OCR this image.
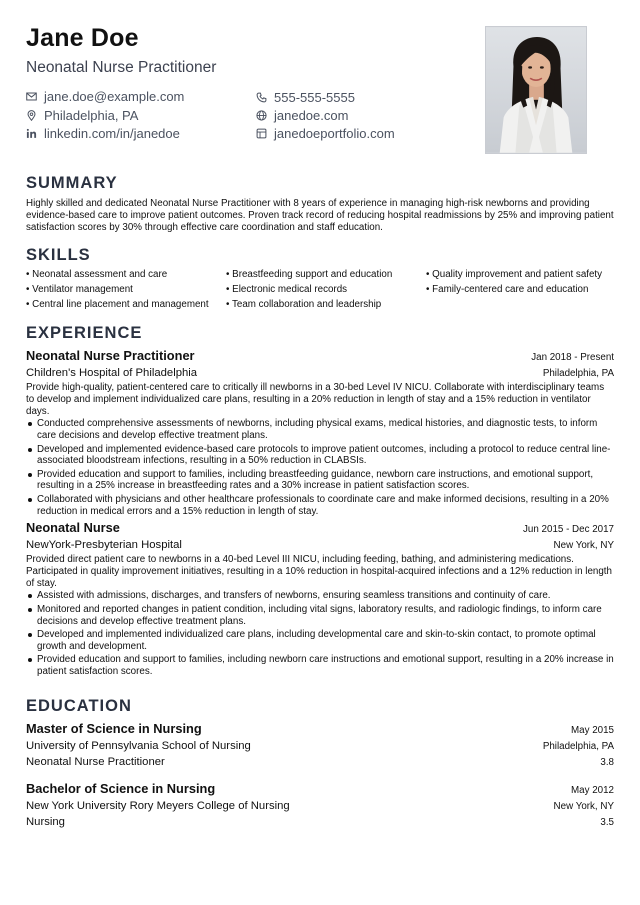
Jane Doe
Neonatal Nurse Practitioner
jane.doe@example.com
Philadelphia, PA
linkedin.com/in/janedoe
555-555-5555
janedoe.com
janedoeportfolio.com
SUMMARY
Highly skilled and dedicated Neonatal Nurse Practitioner with 8 years of experience in managing high-risk newborns and providing evidence-based care to improve patient outcomes. Proven track record of reducing hospital readmissions by 25% and improving patient satisfaction scores by 30% through effective care coordination and staff education.
SKILLS
• Neonatal assessment and care	• Breastfeeding support and education	• Quality improvement and patient safety
• Ventilator management	• Electronic medical records	• Family-centered care and education
• Central line placement and management	• Team collaboration and leadership
EXPERIENCE
Neonatal Nurse Practitioner	Jan 2018 - Present
Children's Hospital of Philadelphia	Philadelphia, PA
Provide high-quality, patient-centered care to critically ill newborns in a 30-bed Level IV NICU. Collaborate with interdisciplinary teams to develop and implement individualized care plans, resulting in a 20% reduction in length of stay and a 15% reduction in ventilator days.
Conducted comprehensive assessments of newborns, including physical exams, medical histories, and diagnostic tests, to inform care decisions and develop effective treatment plans.
Developed and implemented evidence-based care protocols to improve patient outcomes, including a protocol to reduce central line-associated bloodstream infections, resulting in a 50% reduction in CLABSIs.
Provided education and support to families, including breastfeeding guidance, newborn care instructions, and emotional support, resulting in a 25% increase in breastfeeding rates and a 30% increase in patient satisfaction scores.
Collaborated with physicians and other healthcare professionals to coordinate care and make informed decisions, resulting in a 20% reduction in medical errors and a 15% reduction in length of stay.
Neonatal Nurse	Jun 2015 - Dec 2017
NewYork-Presbyterian Hospital	New York, NY
Provided direct patient care to newborns in a 40-bed Level III NICU, including feeding, bathing, and administering medications. Participated in quality improvement initiatives, resulting in a 10% reduction in hospital-acquired infections and a 12% reduction in length of stay.
Assisted with admissions, discharges, and transfers of newborns, ensuring seamless transitions and continuity of care.
Monitored and reported changes in patient condition, including vital signs, laboratory results, and radiologic findings, to inform care decisions and develop effective treatment plans.
Developed and implemented individualized care plans, including developmental care and skin-to-skin contact, to promote optimal growth and development.
Provided education and support to families, including newborn care instructions and emotional support, resulting in a 20% increase in patient satisfaction scores.
EDUCATION
Master of Science in Nursing	May 2015
University of Pennsylvania School of Nursing	Philadelphia, PA
Neonatal Nurse Practitioner	3.8
Bachelor of Science in Nursing	May 2012
New York University Rory Meyers College of Nursing	New York, NY
Nursing	3.5
